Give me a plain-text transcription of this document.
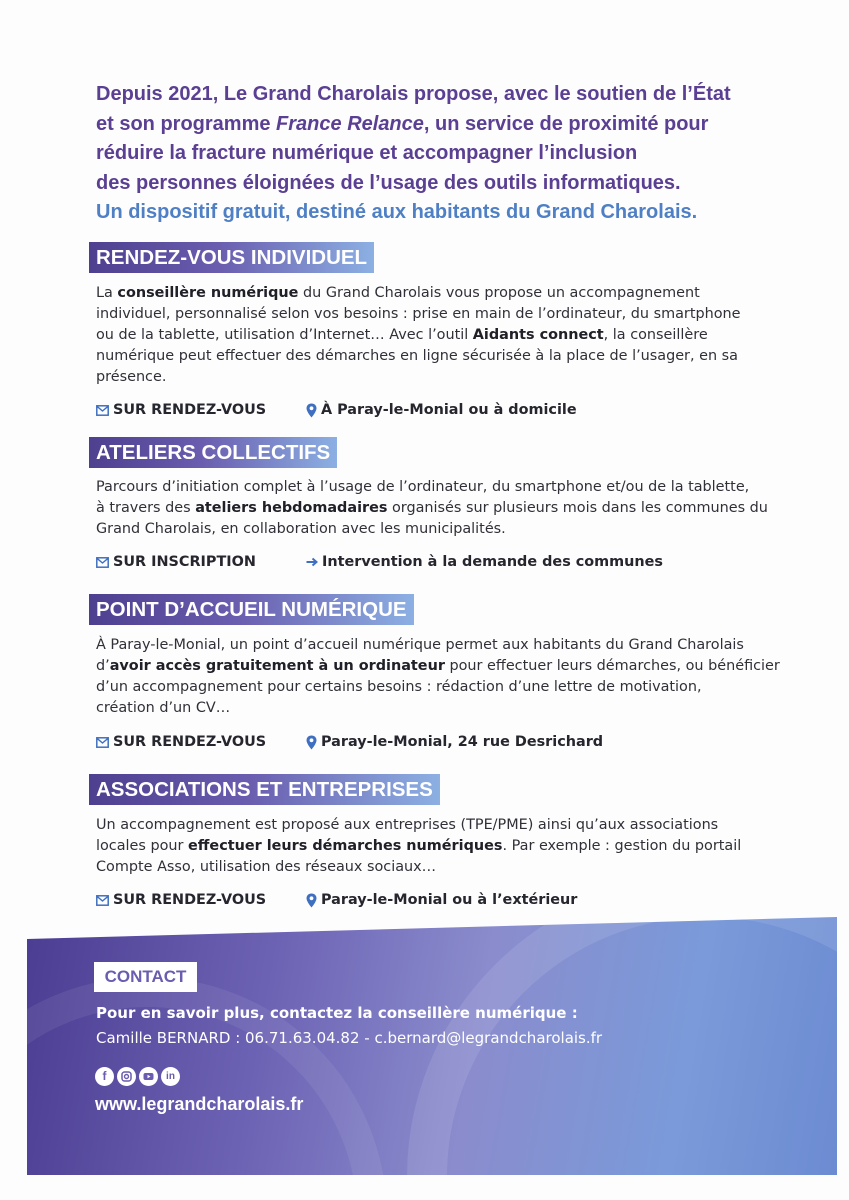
Depuis 2021, Le Grand Charolais propose, avec le soutien de l’État
et son programme France Relance, un service de proximité pour
réduire la fracture numérique et accompagner l’inclusion
des personnes éloignées de l’usage des outils informatiques.
Un dispositif gratuit, destiné aux habitants du Grand Charolais.
RENDEZ-VOUS INDIVIDUEL
La conseillère numérique du Grand Charolais vous propose un accompagnement
individuel, personnalisé selon vos besoins : prise en main de l’ordinateur, du smartphone
ou de la tablette, utilisation d’Internet… Avec l’outil Aidants connect, la conseillère
numérique peut effectuer des démarches en ligne sécurisée à la place de l’usager, en sa
présence.
SUR RENDEZ-VOUS	À Paray-le-Monial ou à domicile
ATELIERS COLLECTIFS
Parcours d’initiation complet à l’usage de l’ordinateur, du smartphone et/ou de la tablette,
à travers des ateliers hebdomadaires organisés sur plusieurs mois dans les communes du
Grand Charolais, en collaboration avec les municipalités.
SUR INSCRIPTION	Intervention à la demande des communes
POINT D’ACCUEIL NUMÉRIQUE
À Paray-le-Monial, un point d’accueil numérique permet aux habitants du Grand Charolais
d’avoir accès gratuitement à un ordinateur pour effectuer leurs démarches, ou bénéficier
d’un accompagnement pour certains besoins : rédaction d’une lettre de motivation,
création d’un CV…
SUR RENDEZ-VOUS	Paray-le-Monial, 24 rue Desrichard
ASSOCIATIONS ET ENTREPRISES
Un accompagnement est proposé aux entreprises (TPE/PME) ainsi qu’aux associations
locales pour effectuer leurs démarches numériques. Par exemple : gestion du portail
Compte Asso, utilisation des réseaux sociaux…
SUR RENDEZ-VOUS	Paray-le-Monial ou à l’extérieur
CONTACT
Pour en savoir plus, contactez la conseillère numérique :
Camille BERNARD : 06.71.63.04.82 - c.bernard@legrandcharolais.fr
f	in
www.legrandcharolais.fr
